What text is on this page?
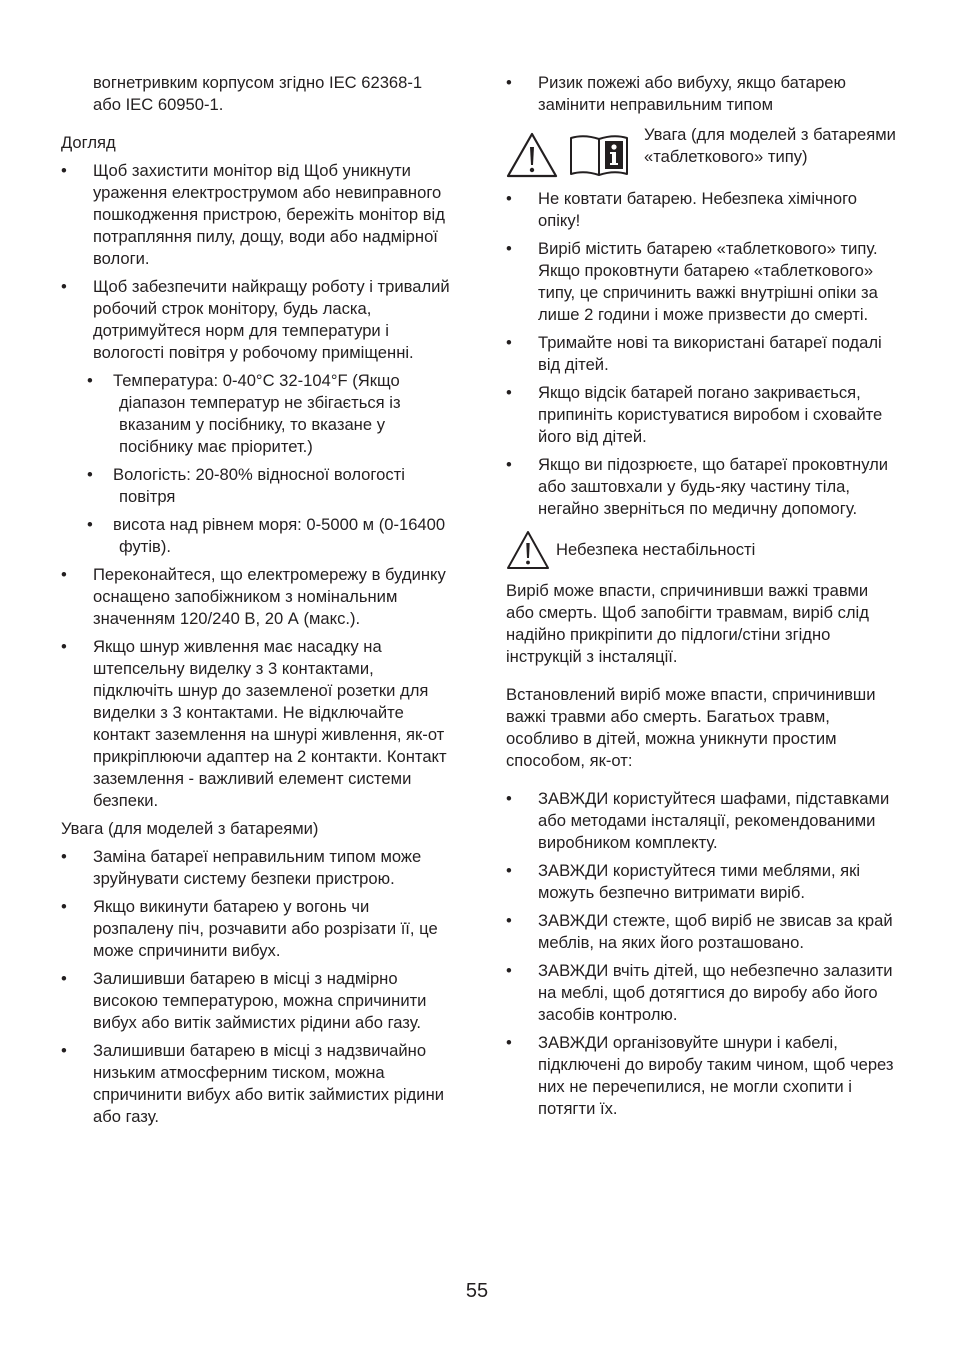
вогнетривким корпусом згідно IEC 62368-1 або IEC 60950-1.

Догляд

• Щоб захистити монітор від Щоб уникнути ураження електрострумом або невиправного пошкодження пристрою, бережіть монітор від потрапляння пилу, дощу, води або надмірної вологи.
• Щоб забезпечити найкращу роботу і тривалий робочий строк монітору, будь ласка, дотримуйтеся норм для температури і вологості повітря у робочому приміщенні.
• Температура: 0-40°C 32-104°F (Якщо діапазон температур не збігається із вказаним у посібнику, то вказане у посібнику має пріоритет.)
• Вологість: 20-80% відносної вологості повітря
• висота над рівнем моря: 0-5000 м (0-16400 футів).
• Переконайтеся, що електромережу в будинку оснащено запобіжником з номінальним значенням 120/240 В, 20 А (макс.).
• Якщо шнур живлення має насадку на штепсельну виделку з 3 контактами, підключіть шнур до заземленої розетки для виделки з 3 контактами. Не відключайте контакт заземлення на шнурі живлення, як-от прикріплюючи адаптер на 2 контакти. Контакт заземлення - важливий елемент системи безпеки.

Увага (для моделей з батареями)

• Заміна батареї неправильним типом може зруйнувати систему безпеки пристрою.
• Якщо викинути батарею у вогонь чи розпалену піч, розчавити або розрізати її, це може спричинити вибух.
• Залишивши батарею в місці з надмірно високою температурою, можна спричинити вибух або витік займистих рідини або газу.
• Залишивши батарею в місці з надзвичайно низьким атмосферним тиском, можна спричинити вибух або витік займистих рідини або газу.
• Ризик пожежі або вибуху, якщо батарею замінити неправильним типом
Увага (для моделей з батареями «таблеткового» типу)
• Не ковтати батарею. Небезпека хімічного опіку!
• Виріб містить батарею «таблеткового» типу. Якщо проковтнути батарею «таблеткового» типу, це спричинить важкі внутрішні опіки за лише 2 години і може призвести до смерті.
• Тримайте нові та використані батареї подалі від дітей.
• Якщо відсік батарей погано закривається, припиніть користуватися виробом і сховайте його від дітей.
• Якщо ви підозрюєте, що батареї проковтнули або заштовхали у будь-яку частину тіла, негайно зверніться по медичну допомогу.
Небезпека нестабільності

Виріб може впасти, спричинивши важкі травми або смерть. Щоб запобігти травмам, виріб слід надійно прикріпити до підлоги/стіни згідно інструкцій з інсталяції.

Встановлений виріб може впасти, спричинивши важкі травми або смерть. Багатьох травм, особливо в дітей, можна уникнути простим способом, як-от:

• ЗАВЖДИ користуйтеся шафами, підставками або методами інсталяції, рекомендованими виробником комплекту.
• ЗАВЖДИ користуйтеся тими меблями, які можуть безпечно витримати виріб.
• ЗАВЖДИ стежте, щоб виріб не звисав за край меблів, на яких його розташовано.
• ЗАВЖДИ вчіть дітей, що небезпечно залазити на меблі, щоб дотягтися до виробу або його засобів контролю.
• ЗАВЖДИ організовуйте шнури і кабелі, підключені до виробу таким чином, щоб через них не перечепилися, не могли схопити і потягти їх.
55
